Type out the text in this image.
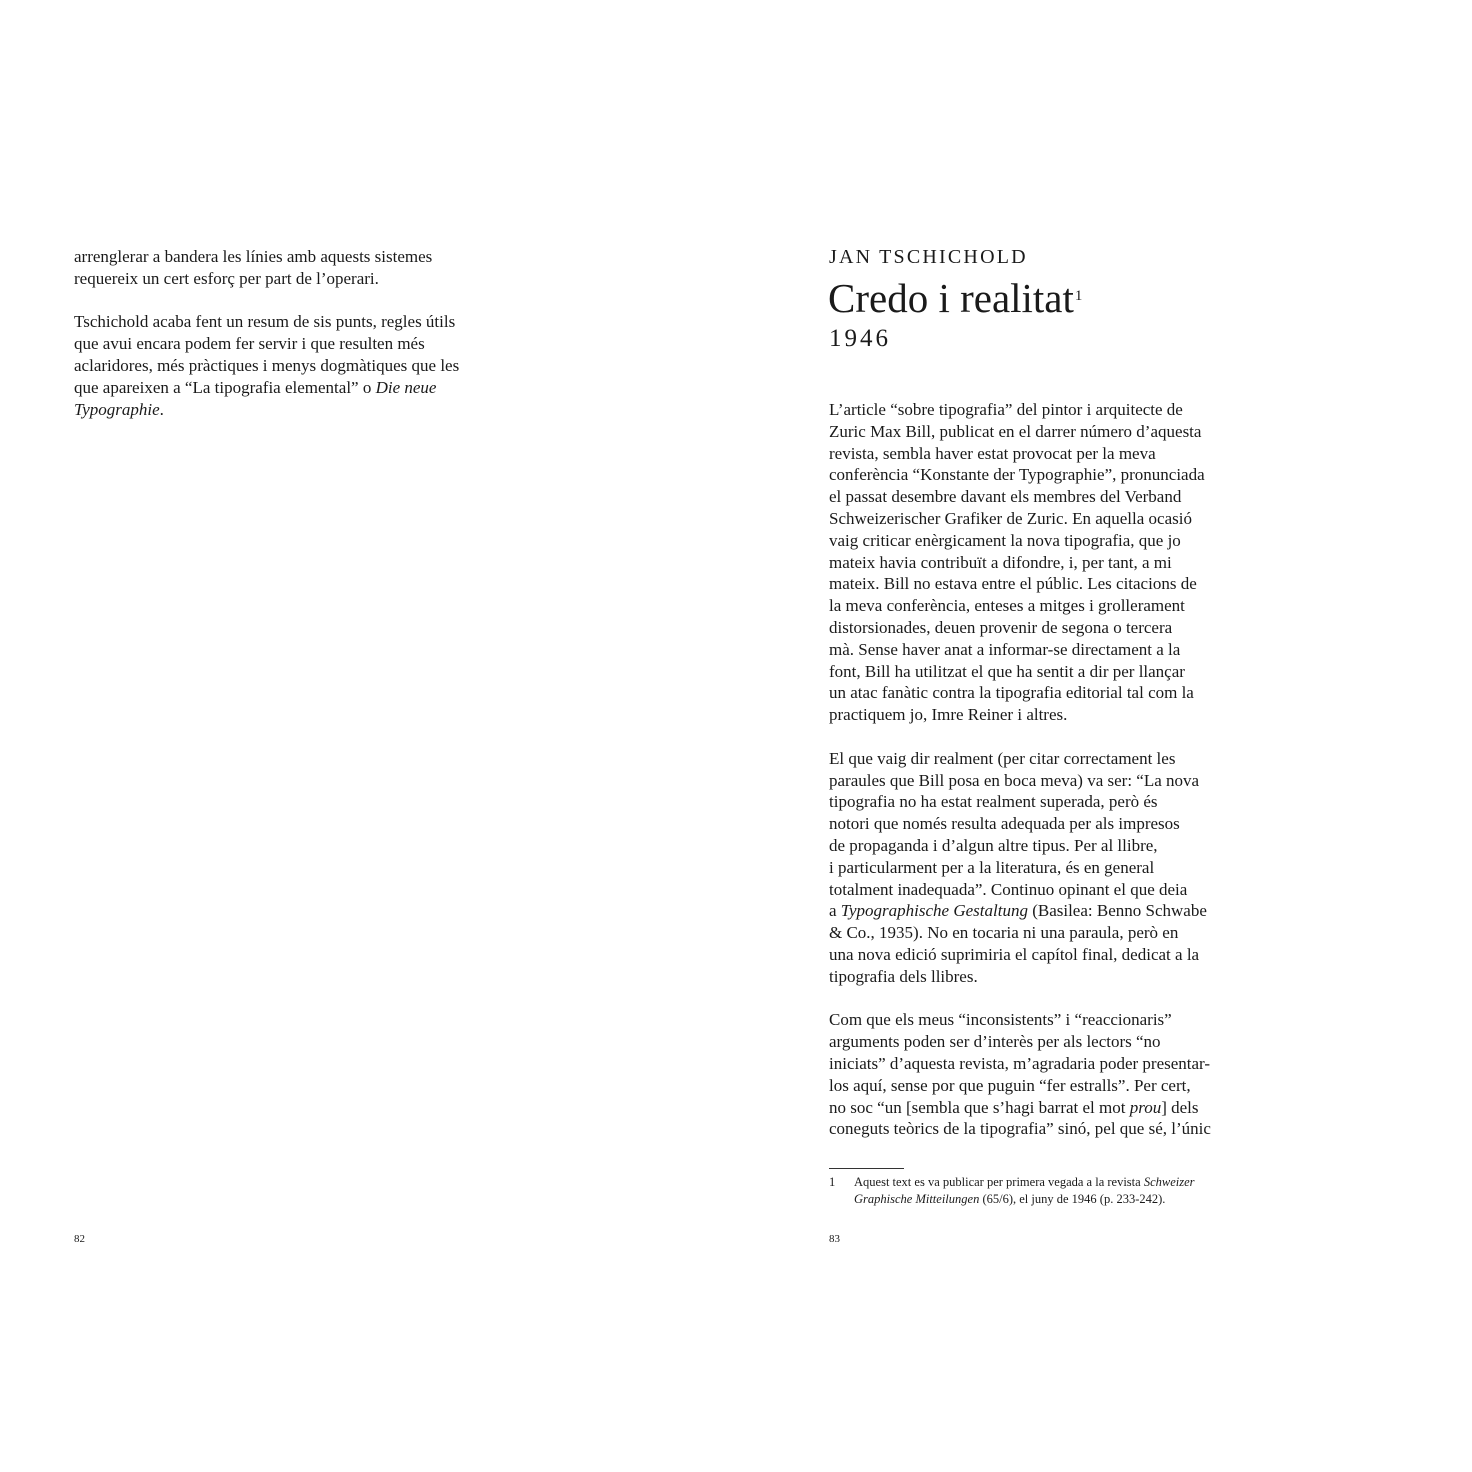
arrenglerar a bandera les línies amb aquests sistemes
requereix un cert esforç per part de l’operari.

Tschichold acaba fent un resum de sis punts, regles útils
que avui encara podem fer servir i que resulten més
aclaridores, més pràctiques i menys dogmàtiques que les
que apareixen a “La tipografia elemental” o Die neue
Typographie.

82
JAN TSCHICHOLD
Credo i realitat$^1$
1946

L’article “sobre tipografia” del pintor i arquitecte de
Zuric Max Bill, publicat en el darrer número d’aquesta
revista, sembla haver estat provocat per la meva
conferència “Konstante der Typographie”, pronunciada
el passat desembre davant els membres del Verband
Schweizerischer Grafiker de Zuric. En aquella ocasió
vaig criticar enèrgicament la nova tipografia, que jo
mateix havia contribuït a difondre, i, per tant, a mi
mateix. Bill no estava entre el públic. Les citacions de
la meva conferència, enteses a mitges i grollerament
distorsionades, deuen provenir de segona o tercera
mà. Sense haver anat a informar-se directament a la
font, Bill ha utilitzat el que ha sentit a dir per llançar
un atac fanàtic contra la tipografia editorial tal com la
practiquem jo, Imre Reiner i altres.

El que vaig dir realment (per citar correctament les
paraules que Bill posa en boca meva) va ser: “La nova
tipografia no ha estat realment superada, però és
notori que només resulta adequada per als impresos
de propaganda i d’algun altre tipus. Per al llibre,
i particularment per a la literatura, és en general
totalment inadequada”. Continuo opinant el que deia
a Typographische Gestaltung (Basilea: Benno Schwabe
& Co., 1935). No en tocaria ni una paraula, però en
una nova edició suprimiria el capítol final, dedicat a la
tipografia dels llibres.

Com que els meus “inconsistents” i “reaccionaris”
arguments poden ser d’interès per als lectors “no
iniciats” d’aquesta revista, m’agradaria poder presentar-
los aquí, sense por que puguin “fer estralls”. Per cert,
no soc “un [sembla que s’hagi barrat el mot prou] dels
coneguts teòrics de la tipografia” sinó, pel que sé, l’únic

1 Aquest text es va publicar per primera vegada a la revista Schweizer
Graphische Mitteilungen (65/6), el juny de 1946 (p. 233-242).
83
